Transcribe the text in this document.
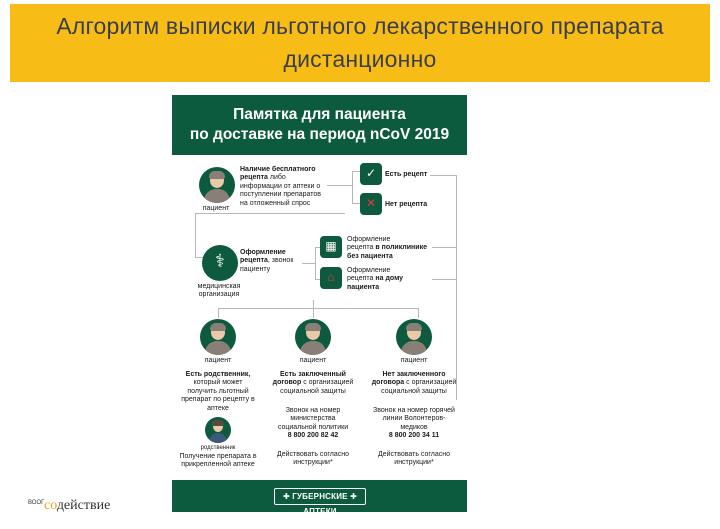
Алгоритм выписки льготного лекарственного препарата
дистанционно
Памятка для пациента
по доставке на период nCoV 2019
пациент
Наличие бесплатного рецепта либо информации от аптеки о поступлении препаратов на отложенный спрос
✓	Есть рецепт
✕	Нет рецепта
⚕
медицинская
организация
Оформление рецепта, звонок пациенту
▦	Оформление
рецепта в поликлинике без пациента
⌂	Оформление
рецепта на дому пациента
пациент
Есть родственник, который может получить льготный препарат по рецепту в аптеке
родственник
Получение препарата в прикрепленной аптеке
пациент
Есть заключенный договор с организацией социальной защиты
Звонок на номер министерства социальной политики
8 800 200 82 42
Действовать согласно инструкции*
пациент
Нет заключенного договора с организацией социальной защиты
Звонок на номер горячей линии Волонтеров-медиков
8 800 200 34 11
Действовать согласно инструкции*
✚ ГУБЕРНСКИЕ ✚ АПТЕКИ
ВООГ содействие
